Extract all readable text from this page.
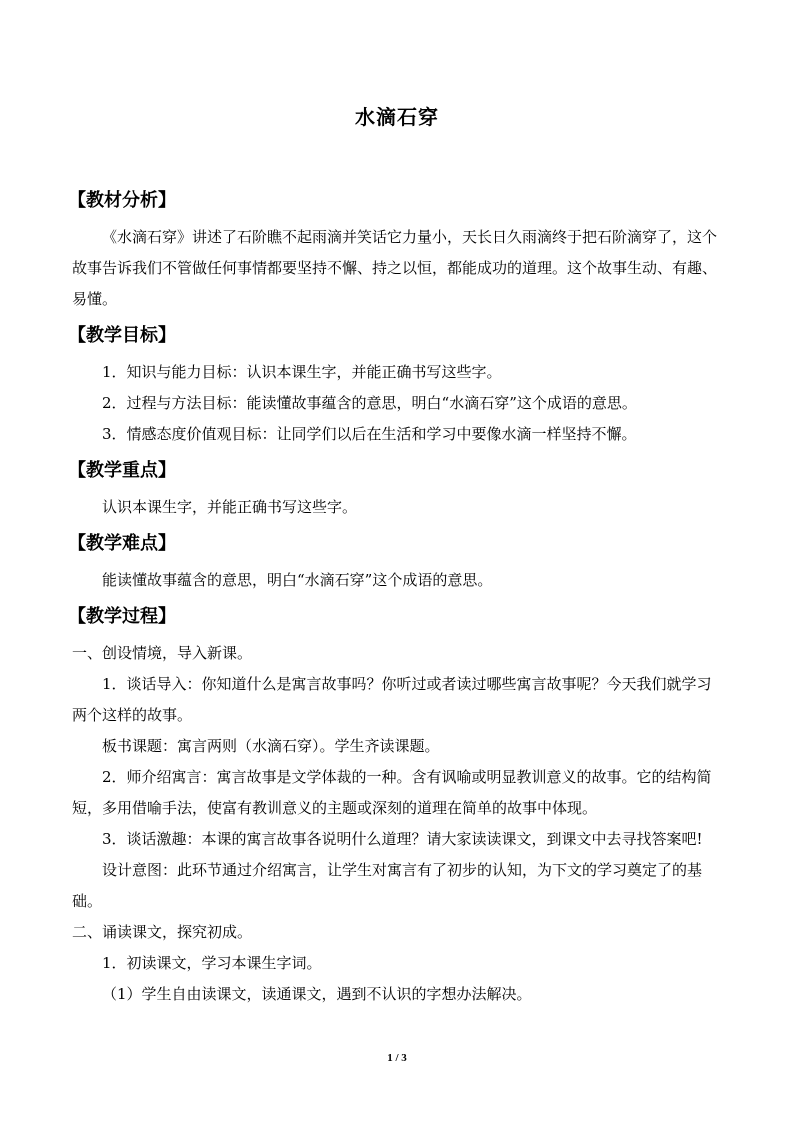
水滴石穿
【教材分析】

《水滴石穿》讲述了石阶瞧不起雨滴并笑话它力量小，天长日久雨滴终于把石阶滴穿了，这个故事告诉我们不管做任何事情都要坚持不懈、持之以恒，都能成功的道理。这个故事生动、有趣、易懂。

【教学目标】

1．知识与能力目标：认识本课生字，并能正确书写这些字。

2．过程与方法目标：能读懂故事蕴含的意思，明白“水滴石穿”这个成语的意思。

3．情感态度价值观目标：让同学们以后在生活和学习中要像水滴一样坚持不懈。

【教学重点】

认识本课生字，并能正确书写这些字。

【教学难点】

能读懂故事蕴含的意思，明白“水滴石穿”这个成语的意思。

【教学过程】

一、创设情境，导入新课。

1．谈话导入：你知道什么是寓言故事吗？你听过或者读过哪些寓言故事呢？今天我们就学习两个这样的故事。

板书课题：寓言两则（水滴石穿）。学生齐读课题。

2．师介绍寓言：寓言故事是文学体裁的一种。含有讽喻或明显教训意义的故事。它的结构简短，多用借喻手法，使富有教训意义的主题或深刻的道理在简单的故事中体现。

3．谈话激趣：本课的寓言故事各说明什么道理？请大家读读课文，到课文中去寻找答案吧!

设计意图：此环节通过介绍寓言，让学生对寓言有了初步的认知，为下文的学习奠定了的基础。

二、诵读课文，探究初成。

1．初读课文，学习本课生字词。

（1）学生自由读课文，读通课文，遇到不认识的字想办法解决。

1 / 3
